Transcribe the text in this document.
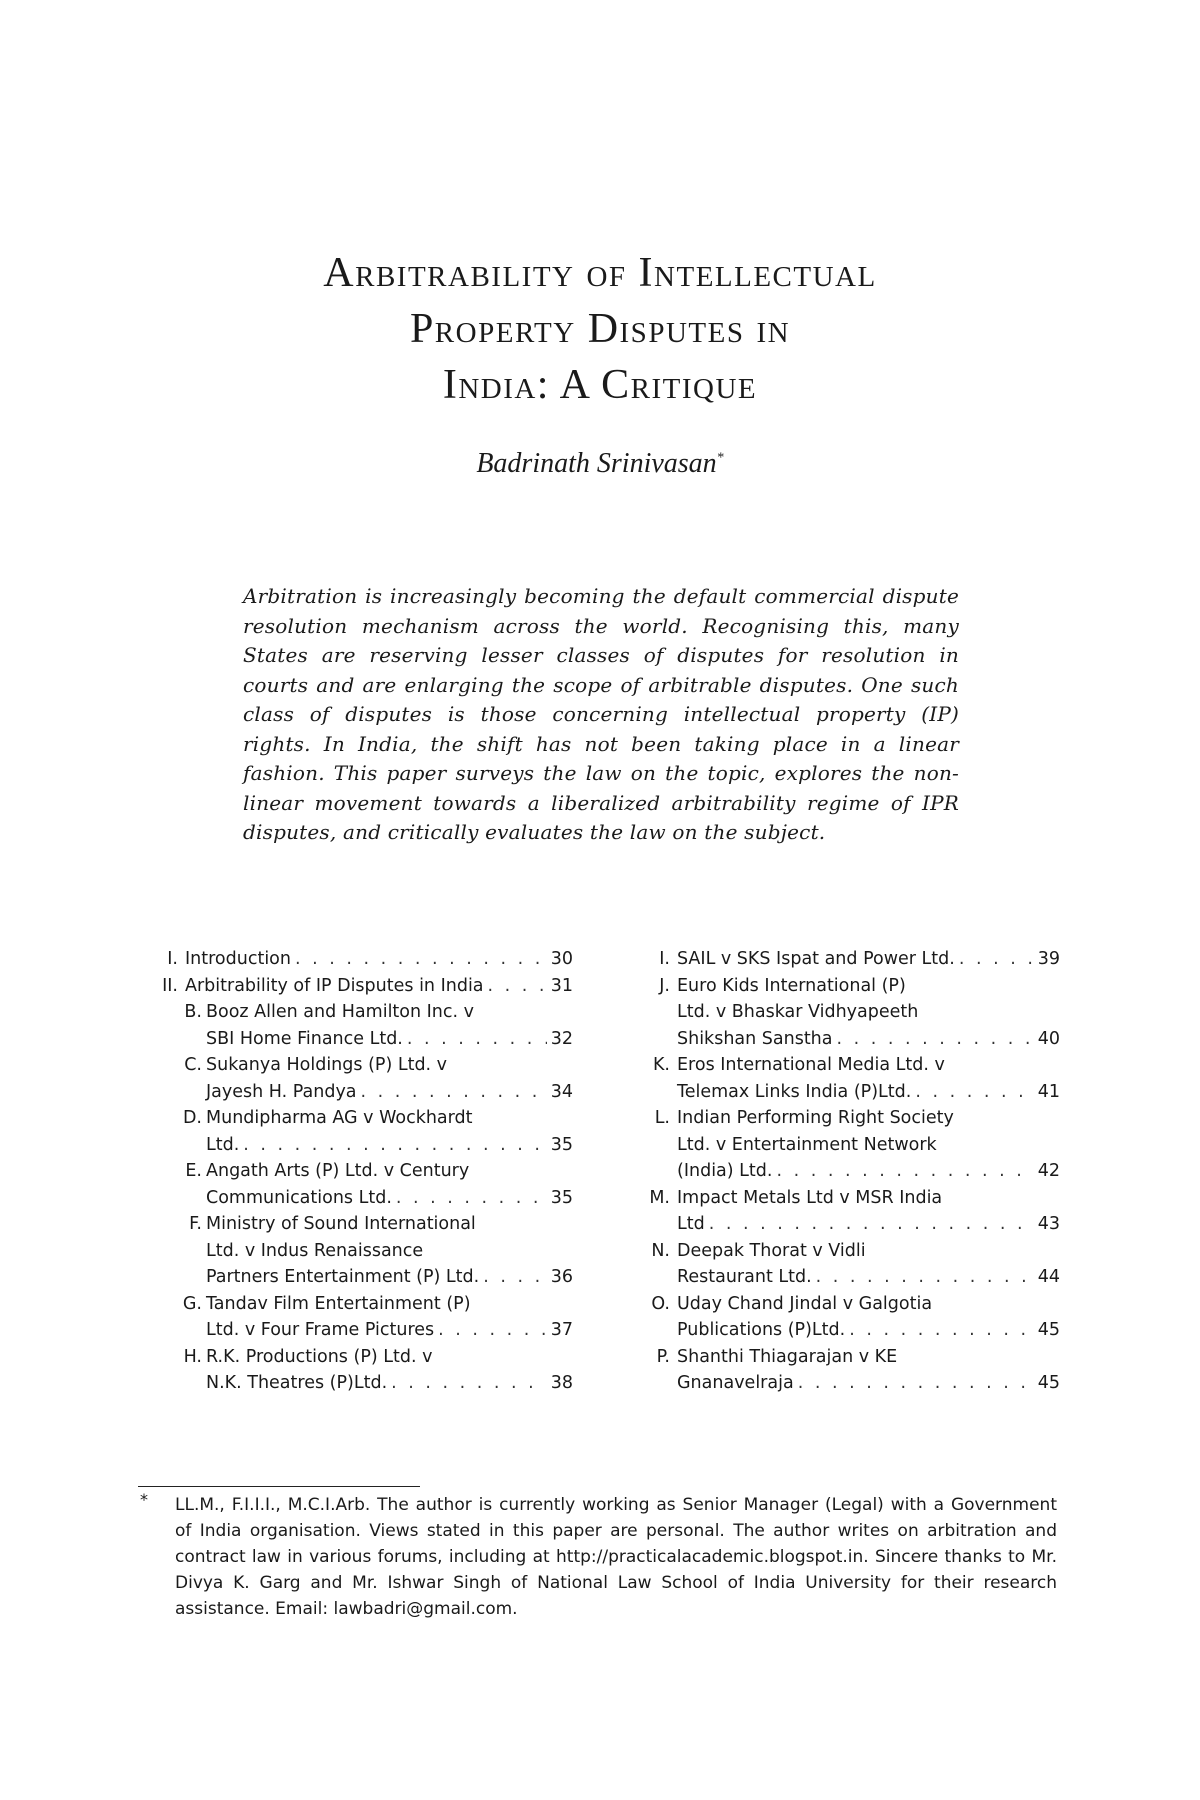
Arbitrability of Intellectual
Property Disputes in
India: A Critique
Badrinath Srinivasan*
Arbitration is increasingly becoming the default commercial dispute resolution mechanism across the world. Recognising this, many States are reserving lesser classes of disputes for resolution in courts and are enlarging the scope of arbitrable disputes. One such class of disputes is those concerning intellectual property (IP) rights. In India, the shift has not been taking place in a linear fashion. This paper surveys the law on the topic, explores the non-linear movement towards a liberalized arbitrability regime of IPR disputes, and critically evaluates the law on the subject.
I. Introduction . . .	30
II. Arbitrability of IP Disputes in India . . .	31
B. Booz Allen and Hamilton Inc. v
SBI Home Finance Ltd. . . .	32
C. Sukanya Holdings (P) Ltd. v
Jayesh H. Pandya . . .	34
D. Mundipharma AG v Wockhardt
Ltd. . . .	35
E. Angath Arts (P) Ltd. v Century
Communications Ltd. . . .	35
F. Ministry of Sound International
Ltd. v Indus Renaissance
Partners Entertainment (P) Ltd. . . .	36
G. Tandav Film Entertainment (P)
Ltd. v Four Frame Pictures . . .	37
H. R.K. Productions (P) Ltd. v
N.K. Theatres (P)Ltd. . . .	38
I. SAIL v SKS Ispat and Power Ltd. . . .	39
J. Euro Kids International (P)
Ltd. v Bhaskar Vidhyapeeth
Shikshan Sanstha . . .	40
K. Eros International Media Ltd. v
Telemax Links India (P)Ltd. . . .	41
L. Indian Performing Right Society
Ltd. v Entertainment Network
(India) Ltd. . . .	42
M. Impact Metals Ltd v MSR India
Ltd . . .	43
N. Deepak Thorat v Vidli
Restaurant Ltd. . . .	44
O. Uday Chand Jindal v Galgotia
Publications (P)Ltd. . . .	45
P. Shanthi Thiagarajan v KE
Gnanavelraja . . .	45
* LL.M., F.I.I.I., M.C.I.Arb. The author is currently working as Senior Manager (Legal) with a Government of India organisation. Views stated in this paper are personal. The author writes on arbitration and contract law in various forums, including at http://practicalacademic.blogspot.in. Sincere thanks to Mr. Divya K. Garg and Mr. Ishwar Singh of National Law School of India University for their research assistance. Email: lawbadri@gmail.com.
